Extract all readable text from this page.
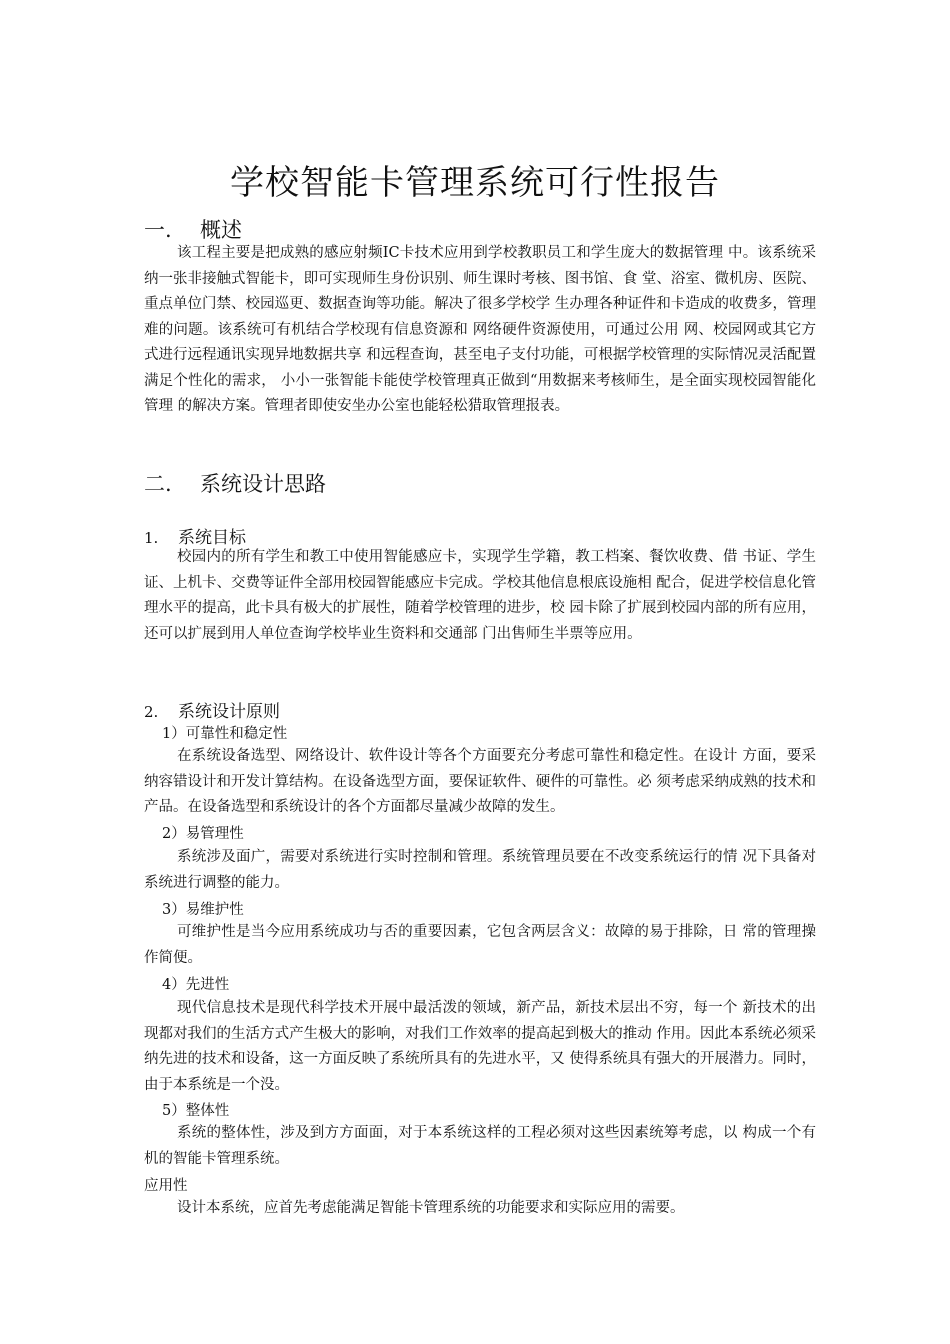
学校智能卡管理系统可行性报告
一. 概述

该工程主要是把成熟的感应射频IC卡技术应用到学校教职员工和学生庞大的数据管理 中。该系统采纳一张非接触式智能卡，即可实现师生身份识别、师生课时考核、图书馆、食 堂、浴室、微机房、医院、重点单位门禁、校园巡更、数据查询等功能。解决了很多学校学 生办理各种证件和卡造成的收费多，管理难的问题。该系统可有机结合学校现有信息资源和 网络硬件资源使用，可通过公用 网、校园网或其它方式进行远程通讯实现异地数据共享 和远程查询，甚至电子支付功能，可根据学校管理的实际情况灵活配置满足个性化的需求， 小小一张智能卡能使学校管理真正做到“用数据来考核师生，是全面实现校园智能化管理 的解决方案。管理者即使安坐办公室也能轻松猎取管理报表。

二. 系统设计思路
1. 系统目标

校园内的所有学生和教工中使用智能感应卡，实现学生学籍，教工档案、餐饮收费、借 书证、学生证、上机卡、交费等证件全部用校园智能感应卡完成。学校其他信息根底设施相 配合，促进学校信息化管理水平的提高，此卡具有极大的扩展性，随着学校管理的进步，校 园卡除了扩展到校园内部的所有应用，还可以扩展到用人单位查询学校毕业生资料和交通部 门出售师生半票等应用。

2. 系统设计原则
1）可靠性和稳定性

在系统设备选型、网络设计、软件设计等各个方面要充分考虑可靠性和稳定性。在设计 方面，要采纳容错设计和开发计算结构。在设备选型方面，要保证软件、硬件的可靠性。必 须考虑采纳成熟的技术和产品。在设备选型和系统设计的各个方面都尽量减少故障的发生。

2）易管理性

系统涉及面广，需要对系统进行实时控制和管理。系统管理员要在不改变系统运行的情 况下具备对系统进行调整的能力。

3）易维护性

可维护性是当今应用系统成功与否的重要因素，它包含两层含义：故障的易于排除，日 常的管理操作简便。

4）先进性

现代信息技术是现代科学技术开展中最活泼的领域，新产品，新技术层出不穷，每一个 新技术的出现都对我们的生活方式产生极大的影响，对我们工作效率的提高起到极大的推动 作用。因此本系统必须采纳先进的技术和设备，这一方面反映了系统所具有的先进水平，又 使得系统具有强大的开展潜力。同时，由于本系统是一个没。

5）整体性

系统的整体性，涉及到方方面面，对于本系统这样的工程必须对这些因素统筹考虑，以 构成一个有机的智能卡管理系统。

应用性

设计本系统，应首先考虑能满足智能卡管理系统的功能要求和实际应用的需要。
